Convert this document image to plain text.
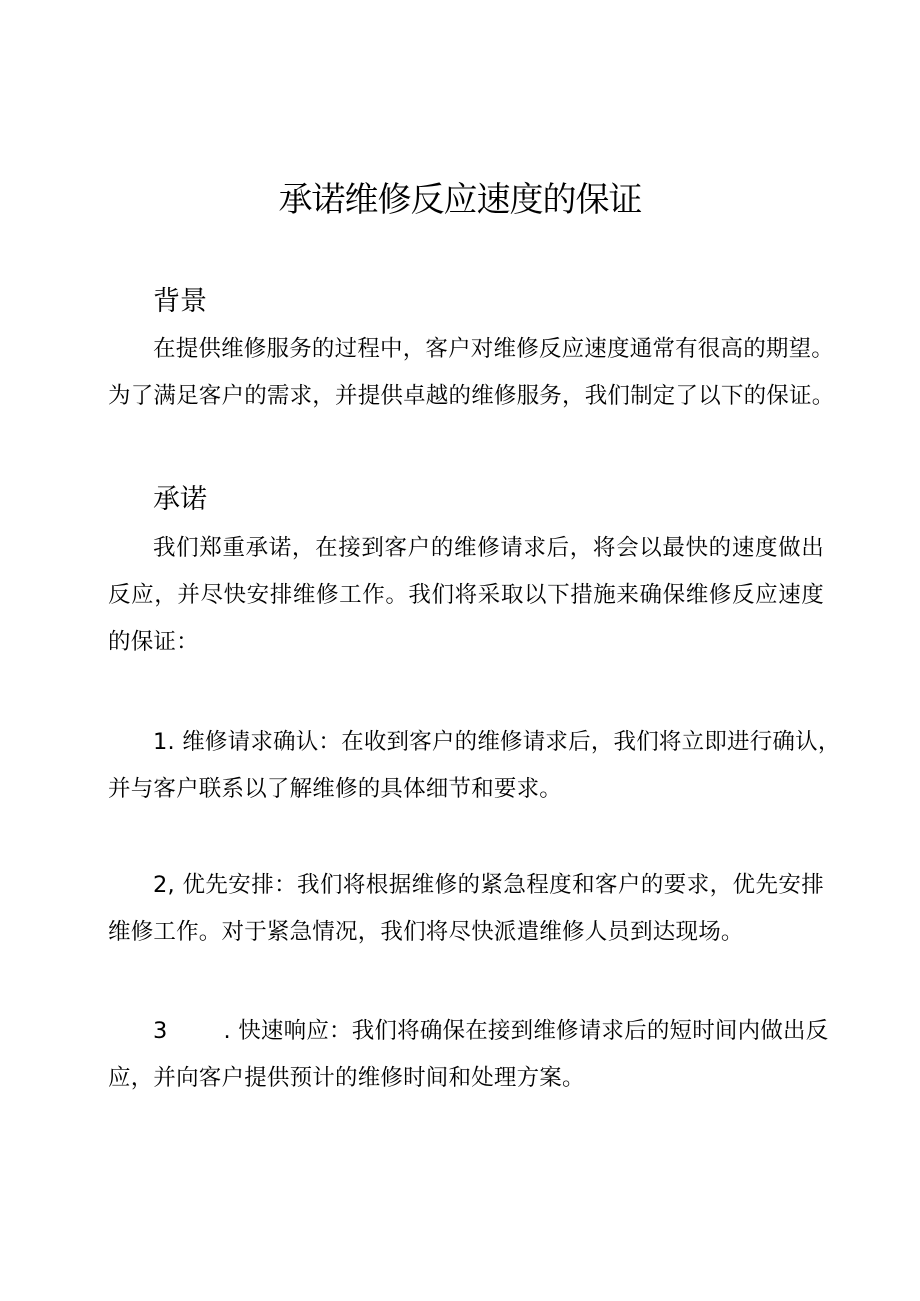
承诺维修反应速度的保证
背景
在提供维修服务的过程中，客户对维修反应速度通常有很高的期望。
为了满足客户的需求，并提供卓越的维修服务，我们制定了以下的保证。
承诺
我们郑重承诺，在接到客户的维修请求后，将会以最快的速度做出
反应，并尽快安排维修工作。我们将采取以下措施来确保维修反应速度
的保证：
1. 维修请求确认：在收到客户的维修请求后，我们将立即进行确认，
并与客户联系以了解维修的具体细节和要求。
2, 优先安排：我们将根据维修的紧急程度和客户的要求，优先安排
维修工作。对于紧急情况，我们将尽快派遣维修人员到达现场。
3 . 快速响应：我们将确保在接到维修请求后的短时间内做出反
应，并向客户提供预计的维修时间和处理方案。
